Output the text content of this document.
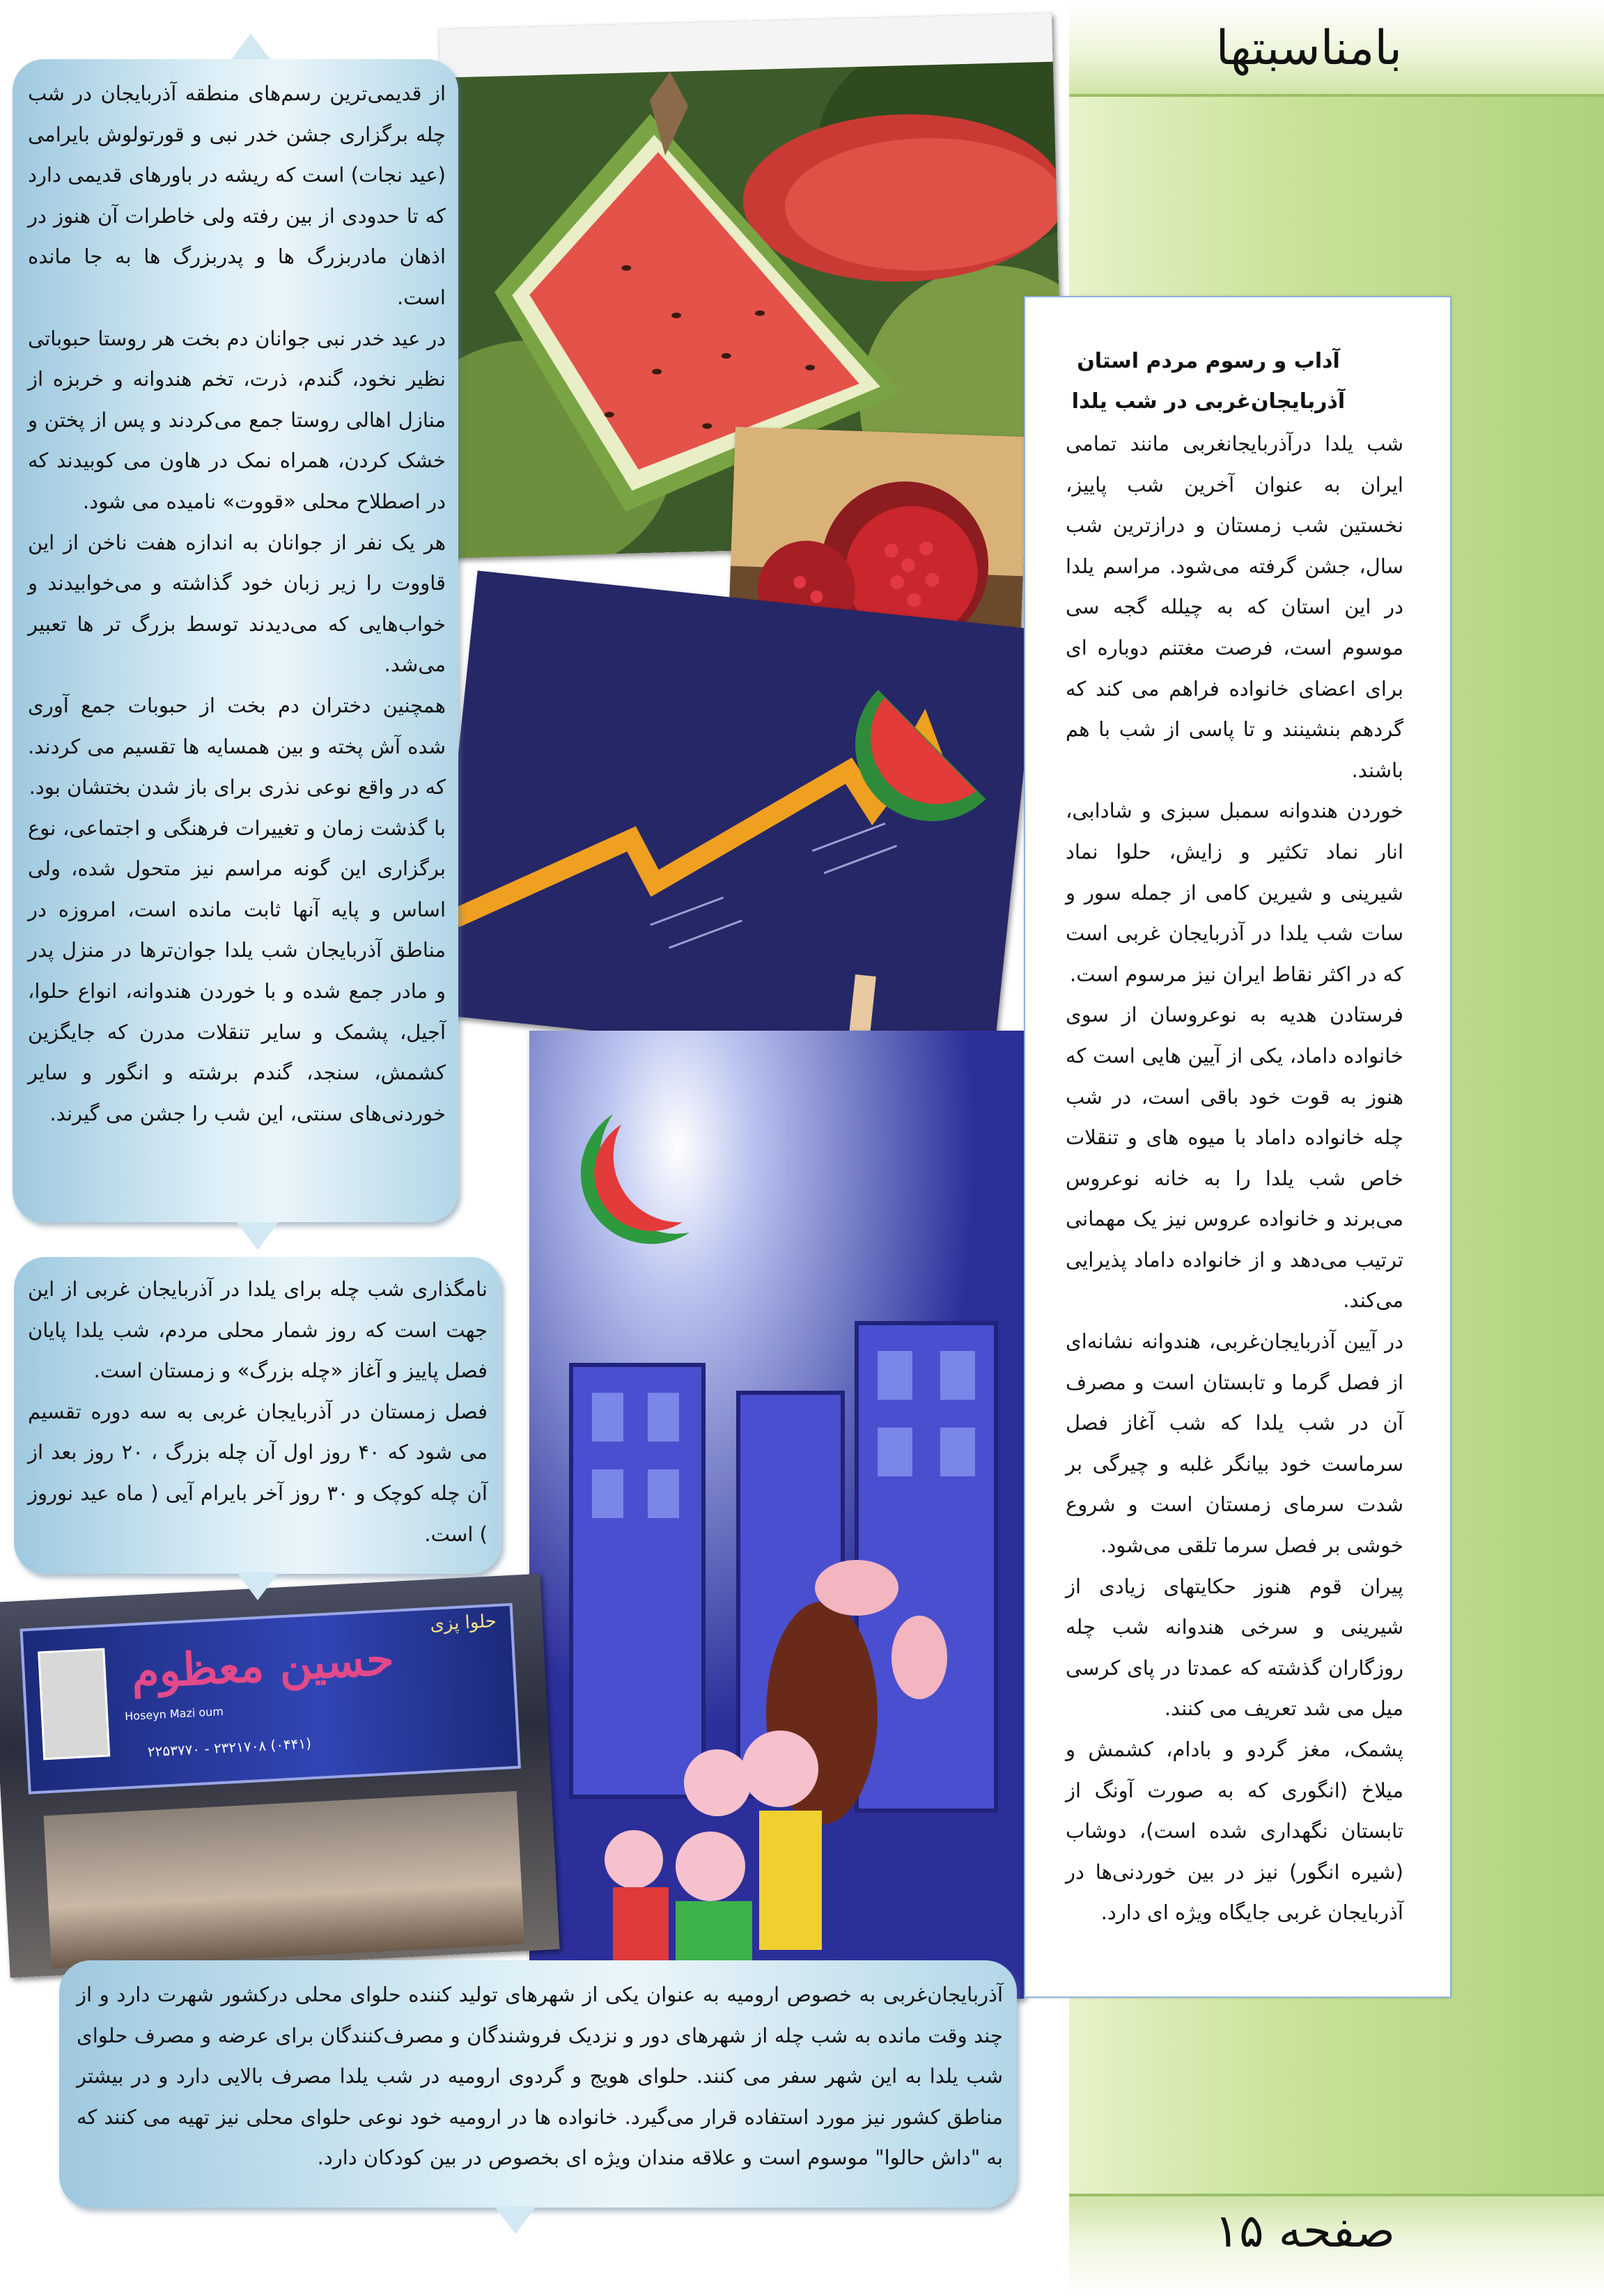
بامناسبتها
صفحه ۱۵
حلوا پزی
حسین معظوم
Hoseyn Mazi oum
(۰۴۴۱) ۲۳۲۱۷۰۸ - ۲۲۵۳۷۷۰
آداب و رسوم مردم استان
آذربایجان‌غربی در شب یلدا

شب یلدا درآذربایجانغربی مانند تمامی ایران به عنوان آخرین شب پاییز، نخستین شب زمستان و درازترین شب سال، جشن گرفته می‌شود. مراسم یلدا در این استان که به چیلله گجه سی موسوم است، فرصت مغتنم دوباره ای برای اعضای خانواده فراهم می کند که گردهم بنشینند و تا پاسی از شب با هم باشند.

خوردن هندوانه سمبل سبزی و شادابی، انار نماد تکثیر و زایش، حلوا نماد شیرینی و شیرین کامی از جمله سور و سات شب یلدا در آذربایجان غربی است که در اکثر نقاط ایران نیز مرسوم است.

فرستادن هدیه به نوعروسان از سوی خانواده داماد، یکی از آیین هایی است که هنوز به قوت خود باقی است، در شب چله خانواده داماد با میوه های و تنقلات خاص شب یلدا را به خانه نوعروس می‌برند و خانواده عروس نیز یک مهمانی ترتیب می‌دهد و از خانواده داماد پذیرایی می‌کند.

در آیین آذربایجان‌غربی، هندوانه نشانه‌ای از فصل گرما و تابستان است و مصرف آن در شب یلدا که شب آغاز فصل سرماست خود بیانگر غلبه و چیرگی بر شدت سرمای زمستان است و شروع خوشی بر فصل سرما تلقی می‌شود.

پیران قوم هنوز حکایتهای زیادی از شیرینی و سرخی هندوانه شب چله روزگاران گذشته که عمدتا در پای کرسی میل می شد تعریف می کنند.

پشمک، مغز گردو و بادام، کشمش و میلاخ (انگوری که به صورت آونگ از تابستان نگهداری شده است)، دوشاب (شیره انگور) نیز در بین خوردنی‌ها در آذربایجان غربی جایگاه ویژه ای دارد.

از قدیمی‌ترین رسم‌های منطقه آذربایجان در شب چله برگزاری جشن خدر نبی و قورتولوش بایرامی (عید نجات) است که ریشه در باورهای قدیمی دارد که تا حدودی از بین رفته ولی خاطرات آن هنوز در اذهان مادربزرگ ها و پدربزرگ ها به جا مانده است.

در عید خدر نبی جوانان دم بخت هر روستا حبوباتی نظیر نخود، گندم، ذرت، تخم هندوانه و خربزه از منازل اهالی روستا جمع می‌کردند و پس از پختن و خشک کردن، همراه نمک در هاون می کوبیدند که در اصطلاح محلی «قووت» نامیده می شود.

هر یک نفر از جوانان به اندازه هفت ناخن از این قاووت را زیر زبان خود گذاشته و می‌خوابیدند و خواب‌هایی که می‌دیدند توسط بزرگ تر ها تعبیر می‌شد.

همچنین دختران دم بخت از حبوبات جمع آوری شده آش پخته و بین همسایه ها تقسیم می کردند. که در واقع نوعی نذری برای باز شدن بختشان بود.

با گذشت زمان و تغییرات فرهنگی و اجتماعی، نوع برگزاری این گونه مراسم نیز متحول شده، ولی اساس و پایه آنها ثابت مانده است، امروزه در مناطق آذربایجان شب یلدا جوان‌ترها در منزل پدر و مادر جمع شده و با خوردن هندوانه، انواع حلوا، آجیل، پشمک و سایر تنقلات مدرن که جایگزین کشمش، سنجد، گندم برشته و انگور و سایر خوردنی‌های سنتی، این شب را جشن می گیرند.

نامگذاری شب چله برای یلدا در آذربایجان غربی از این جهت است که روز شمار محلی مردم، شب یلدا پایان فصل پاییز و آغاز «چله بزرگ» و زمستان است.

فصل زمستان در آذربایجان غربی به سه دوره تقسیم می شود که ۴۰ روز اول آن چله بزرگ ، ۲۰ روز بعد از آن چله کوچک و ۳۰ روز آخر بایرام آیی ( ماه عید نوروز ) است.

آذربایجان‌غربی به خصوص ارومیه به عنوان یکی از شهرهای تولید کننده حلوای محلی درکشور شهرت دارد و از چند وقت مانده به شب چله از شهرهای دور و نزدیک فروشندگان و مصرف‌کنندگان برای عرضه و مصرف حلوای شب یلدا به این شهر سفر می کنند. حلوای هویج و گردوی ارومیه در شب یلدا مصرف بالایی دارد و در بیشتر مناطق کشور نیز مورد استفاده قرار می‌گیرد. خانواده ها در ارومیه خود نوعی حلوای محلی نیز تهیه می کنند که به "داش حالوا" موسوم است و علاقه مندان ویژه ای بخصوص در بین کودکان دارد.
